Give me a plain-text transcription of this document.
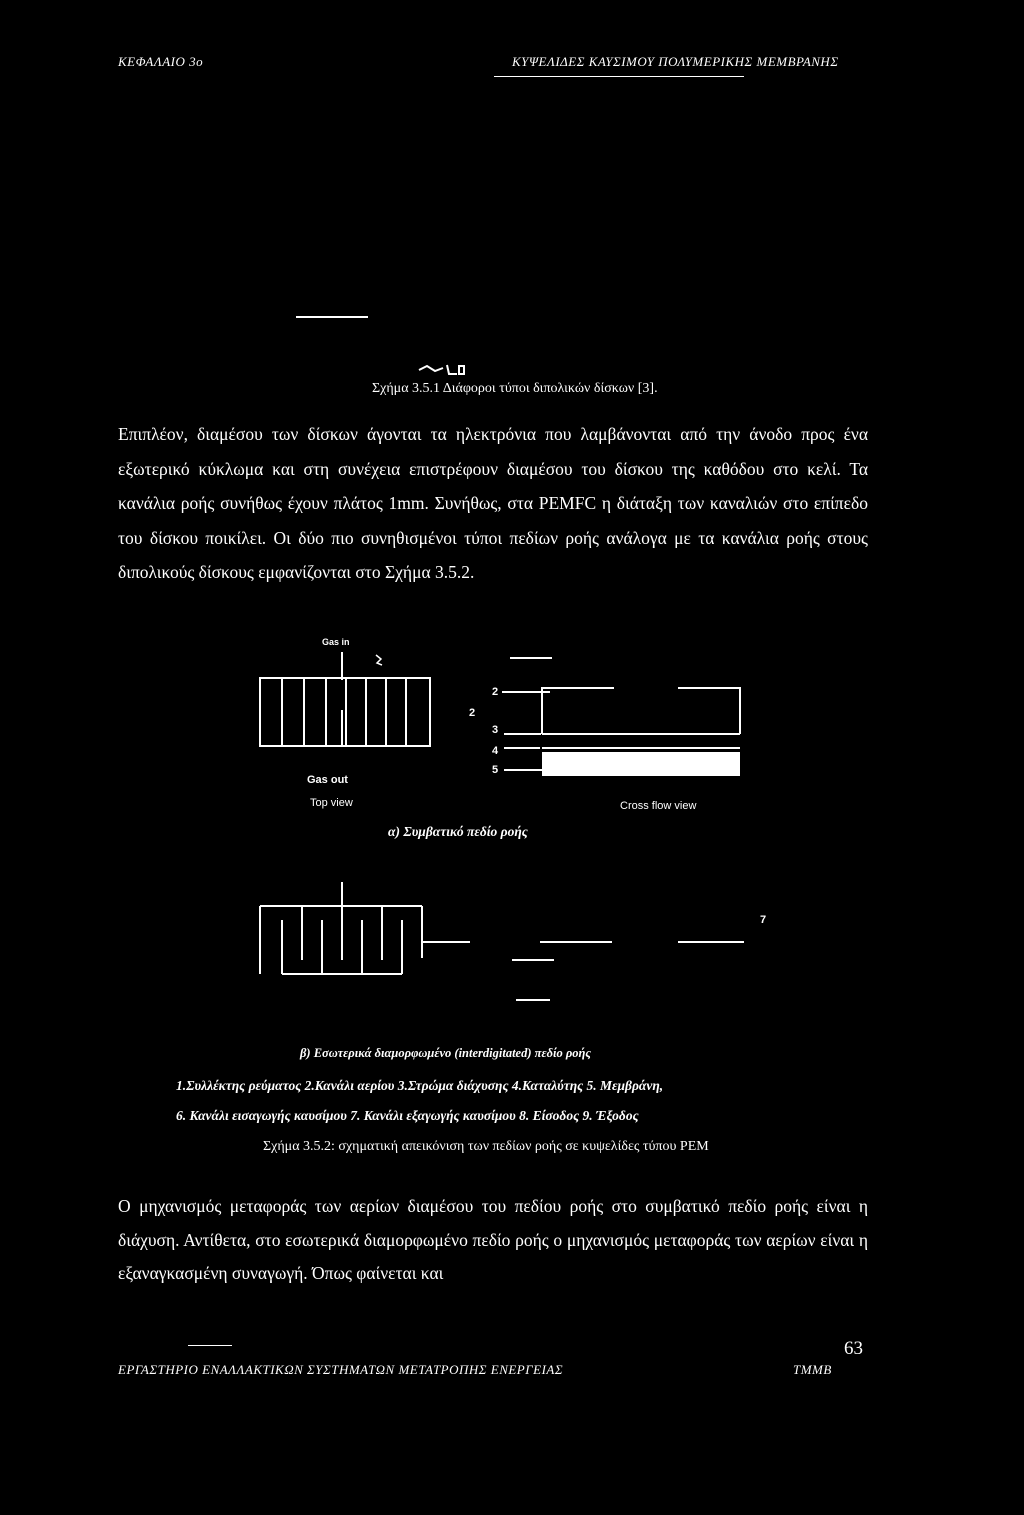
ΚΕΦΑΛΑΙΟ 3ο	ΚΥΨΕΛΙΔΕΣ ΚΑΥΣΙΜΟΥ ΠΟΛΥΜΕΡΙΚΗΣ ΜΕΜΒΡΑΝΗΣ
Σχήμα 3.5.1 Διάφοροι τύποι διπολικών δίσκων [3].
Επιπλέον, διαμέσου των δίσκων άγονται τα ηλεκτρόνια που λαμβάνονται από την άνοδο προς ένα εξωτερικό κύκλωμα και στη συνέχεια επιστρέφουν διαμέσου του δίσκου της καθόδου στο κελί. Τα κανάλια ροής συνήθως έχουν πλάτος 1mm. Συνήθως, στα PEMFC η διάταξη των καναλιών στο επίπεδο του δίσκου ποικίλει. Οι δύο πιο συνηθισμένοι τύποι πεδίων ροής ανάλογα με τα κανάλια ροής στους διπολικούς δίσκους εμφανίζονται στο Σχήμα 3.5.2.
Gas in
Gas out
Top view
2
2
3
4
5
Cross flow view
α) Συμβατικό πεδίο ροής
7
β) Εσωτερικά διαμορφωμένο (interdigitated) πεδίο ροής
1.Συλλέκτης ρεύματος 2.Κανάλι αερίου 3.Στρώμα διάχυσης 4.Καταλύτης 5. Μεμβράνη,
6. Κανάλι εισαγωγής καυσίμου 7. Κανάλι εξαγωγής καυσίμου 8. Είσοδος 9. Έξοδος
Σχήμα 3.5.2: σχηματική απεικόνιση των πεδίων ροής σε κυψελίδες τύπου PEM
Ο μηχανισμός μεταφοράς των αερίων διαμέσου του πεδίου ροής στο συμβατικό πεδίο ροής είναι η διάχυση. Αντίθετα, στο εσωτερικά διαμορφωμένο πεδίο ροής ο μηχανισμός μεταφοράς των αερίων είναι η εξαναγκασμένη συναγωγή. Όπως φαίνεται και
63
ΕΡΓΑΣΤΗΡΙΟ ΕΝΑΛΛΑΚΤΙΚΩΝ ΣΥΣΤΗΜΑΤΩΝ ΜΕΤΑΤΡΟΠΗΣ ΕΝΕΡΓΕΙΑΣ	ΤΜΜΒ
